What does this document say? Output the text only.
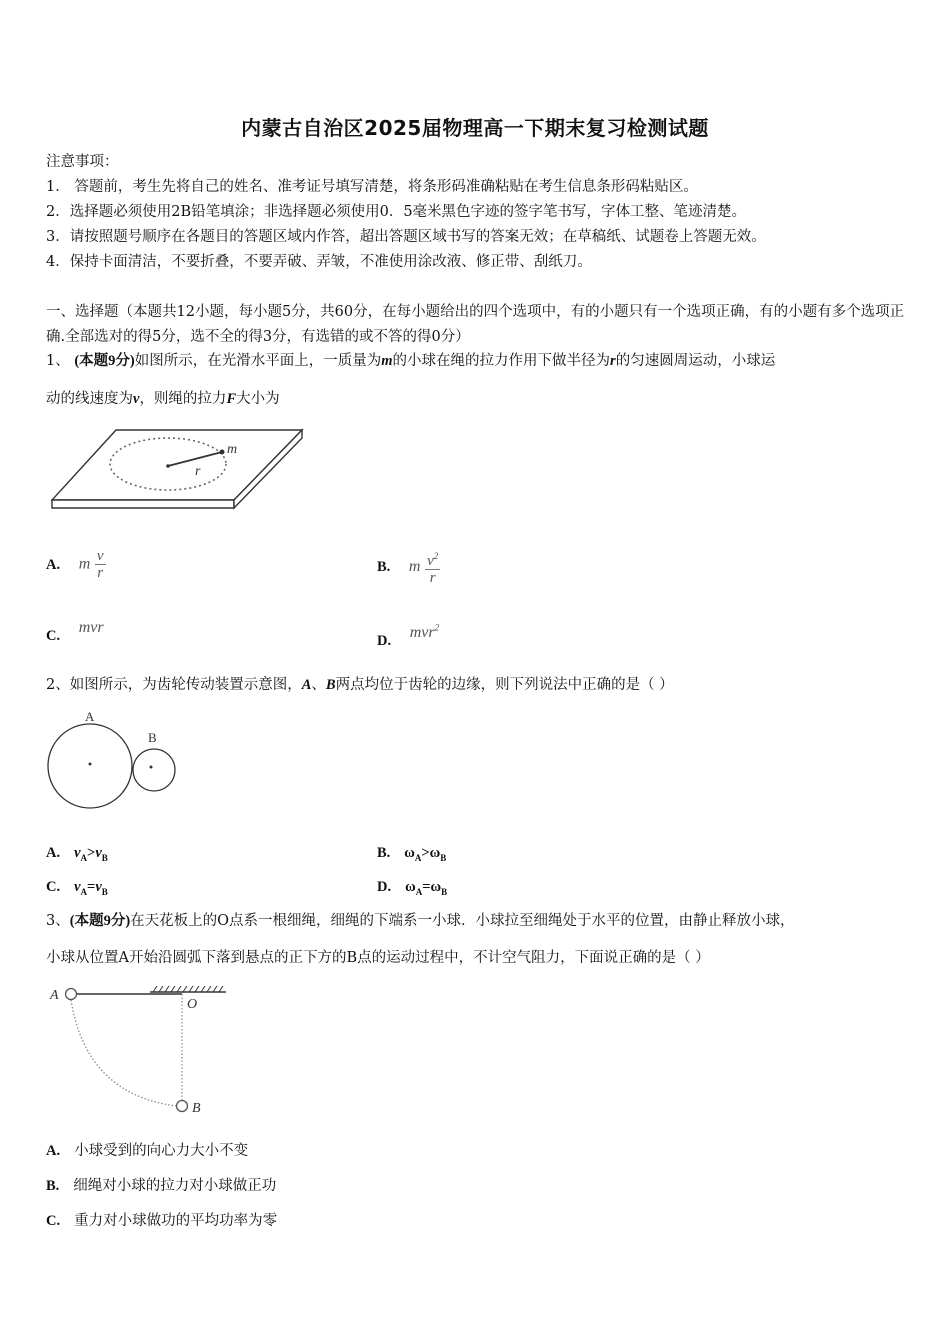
内蒙古自治区2025届物理高一下期末复习检测试题
注意事项：
1． 答题前，考生先将自己的姓名、准考证号填写清楚，将条形码准确粘贴在考生信息条形码粘贴区。
2．选择题必须使用2B铅笔填涂；非选择题必须使用0．5毫米黑色字迹的签字笔书写，字体工整、笔迹清楚。
3．请按照题号顺序在各题目的答题区域内作答，超出答题区域书写的答案无效；在草稿纸、试题卷上答题无效。
4．保持卡面清洁，不要折叠，不要弄破、弄皱，不准使用涂改液、修正带、刮纸刀。
一、选择题（本题共12小题，每小题5分，共60分，在每小题给出的四个选项中，有的小题只有一个选项正确，有的小题有多个选项正确.全部选对的得5分，选不全的得3分，有选错的或不答的得0分）
1、 (本题9分)如图所示，在光滑水平面上，一质量为m的小球在绳的拉力作用下做半径为r的匀速圆周运动，小球运
动的线速度为v，则绳的拉力F大小为
m
r
A. m $\frac{v}{r}$	B. m $\frac{v^2}{r}$
C. mvr
D. mvr$^2$
2、如图所示，为齿轮传动装置示意图，A、B两点均位于齿轮的边缘，则下列说法中正确的是（ ）
A
B
A. $v_A>v_B$	B. $\omega_A>\omega_B$
C. $v_A=v_B$	D. $\omega_A=\omega_B$
3、(本题9分)在天花板上的O点系一根细绳，细绳的下端系一小球．小球拉至细绳处于水平的位置，由静止释放小球，
小球从位置A开始沿圆弧下落到悬点的正下方的B点的运动过程中，不计空气阻力，下面说正确的是（ ）
A
O
B
A. 小球受到的向心力大小不变
B. 细绳对小球的拉力对小球做正功
C. 重力对小球做功的平均功率为零
